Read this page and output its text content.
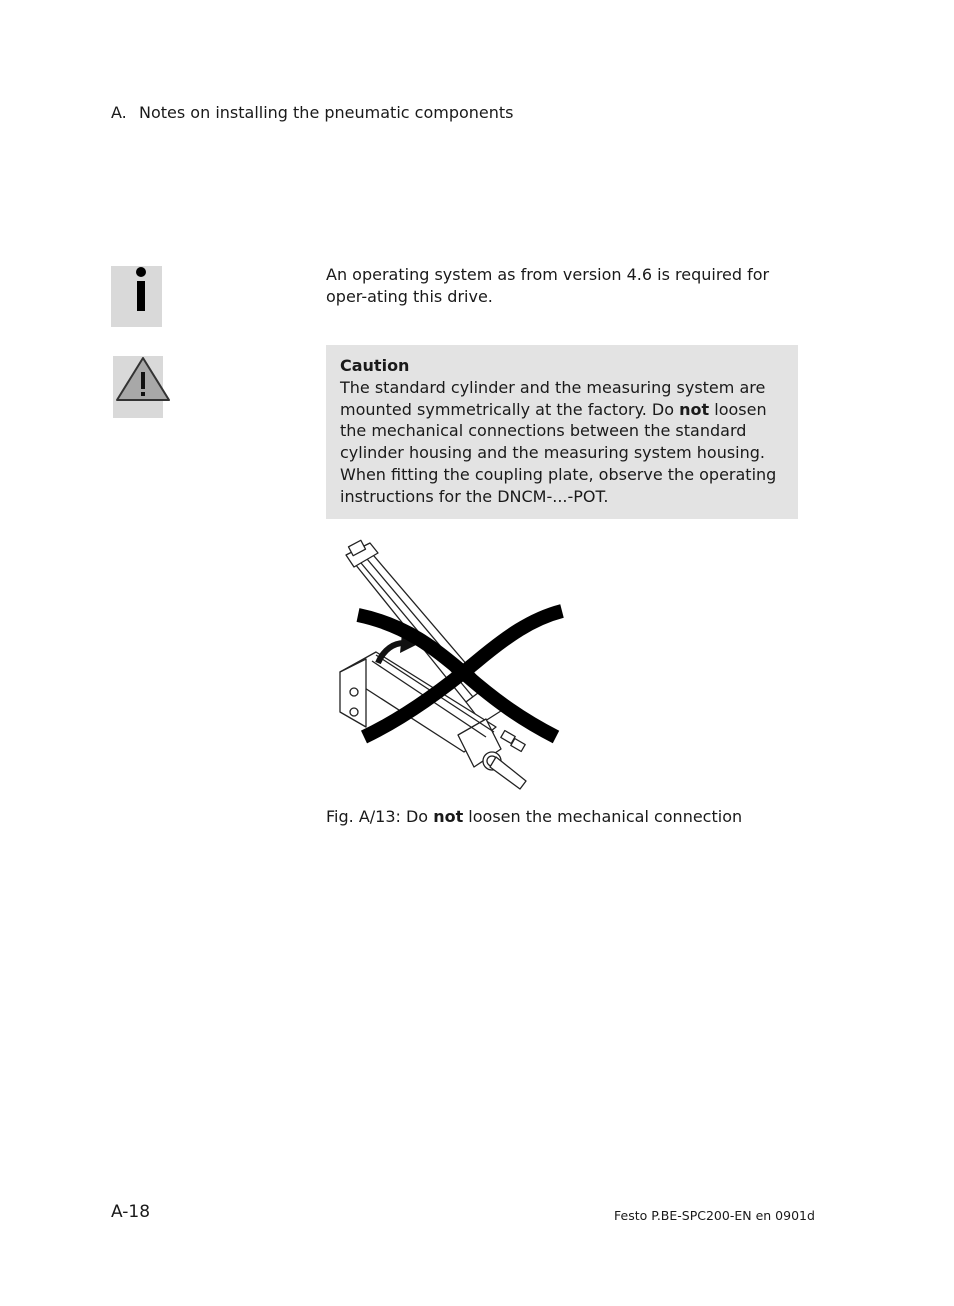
A. Notes on installing the pneumatic components
An operating system as from version 4.6 is required for oper-ating this drive.
Caution
The standard cylinder and the measuring system are mounted symmetrically at the factory. Do not loosen the mechanical connections between the standard cylinder housing and the measuring system housing. When fitting the coupling plate, observe the operating instructions for the DNCM-...-POT.
Fig. A/13: Do not loosen the mechanical connection
A-18	Festo P.BE-SPC200-EN en 0901d
